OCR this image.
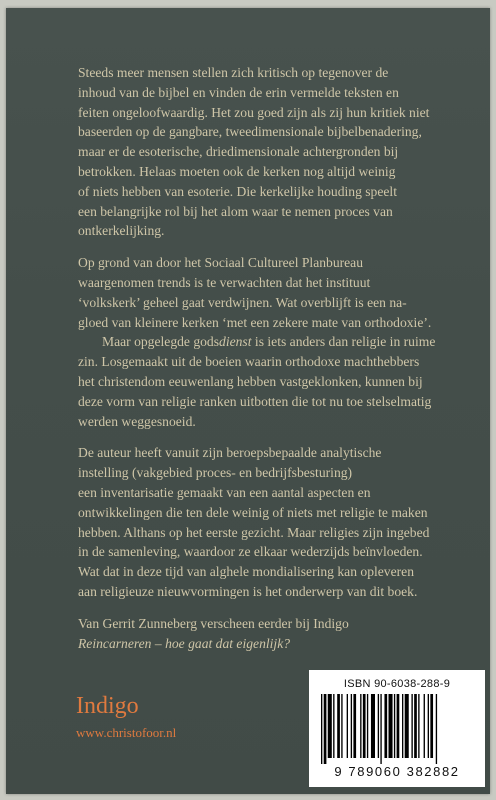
Steeds meer mensen stellen zich kritisch op tegenover de
inhoud van de bijbel en vinden de erin vermelde teksten en
feiten ongeloofwaardig. Het zou goed zijn als zij hun kritiek niet
baseerden op de gangbare, tweedimensionale bijbelbenadering,
maar er de esoterische, driedimensionale achtergronden bij
betrokken. Helaas moeten ook de kerken nog altijd weinig
of niets hebben van esoterie. Die kerkelijke houding speelt
een belangrijke rol bij het alom waar te nemen proces van
ontkerkelijking.

Op grond van door het Sociaal Cultureel Planbureau
waargenomen trends is te verwachten dat het instituut
‘volkskerk’ geheel gaat verdwijnen. Wat overblijft is een na-
gloed van kleinere kerken ‘met een zekere mate van orthodoxie’.

Maar opgelegde godsdienst is iets anders dan religie in ruime
zin. Losgemaakt uit de boeien waarin orthodoxe machthebbers
het christendom eeuwenlang hebben vastgeklonken, kunnen bij
deze vorm van religie ranken uitbotten die tot nu toe stelselmatig
werden weggesnoeid.

De auteur heeft vanuit zijn beroepsbepaalde analytische
instelling (vakgebied proces- en bedrijfsbesturing)
een inventarisatie gemaakt van een aantal aspecten en
ontwikkelingen die ten dele weinig of niets met religie te maken
hebben. Althans op het eerste gezicht. Maar religies zijn ingebed
in de samenleving, waardoor ze elkaar wederzijds beïnvloeden.
Wat dat in deze tijd van alghele mondialisering kan opleveren
aan religieuze nieuwvormingen is het onderwerp van dit boek.

Van Gerrit Zunneberg verscheen eerder bij Indigo
Reincarneren – hoe gaat dat eigenlijk?

Indigo
www.christofoor.nl
ISBN 90-6038-288-9
9 789060 382882
